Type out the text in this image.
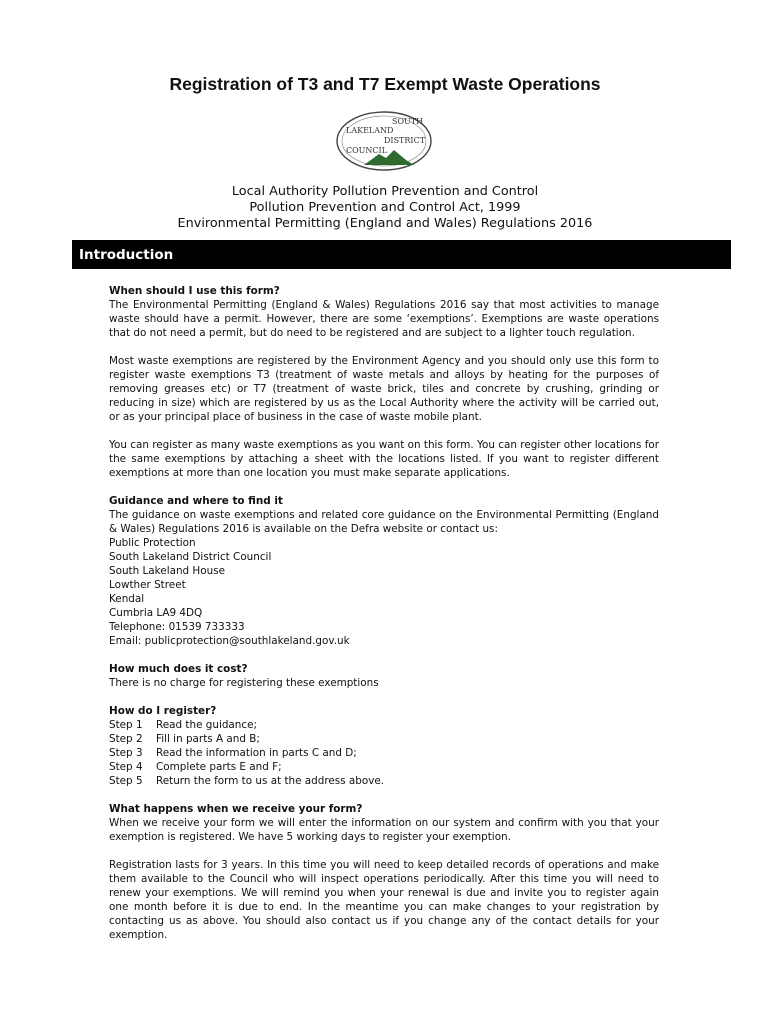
Registration of T3 and T7 Exempt Waste Operations
SOUTH
LAKELAND
DISTRICT
COUNCIL
Local Authority Pollution Prevention and Control
Pollution Prevention and Control Act, 1999
Environmental Permitting (England and Wales) Regulations 2016
Introduction
When should I use this form?

The Environmental Permitting (England & Wales) Regulations 2016 say that most activities to manage waste should have a permit. However, there are some ‘exemptions’. Exemptions are waste operations that do not need a permit, but do need to be registered and are subject to a lighter touch regulation.

Most waste exemptions are registered by the Environment Agency and you should only use this form to register waste exemptions T3 (treatment of waste metals and alloys by heating for the purposes of removing greases etc) or T7 (treatment of waste brick, tiles and concrete by crushing, grinding or reducing in size) which are registered by us as the Local Authority where the activity will be carried out, or as your principal place of business in the case of waste mobile plant.

You can register as many waste exemptions as you want on this form. You can register other locations for the same exemptions by attaching a sheet with the locations listed. If you want to register different exemptions at more than one location you must make separate applications.

Guidance and where to find it

The guidance on waste exemptions and related core guidance on the Environmental Permitting (England & Wales) Regulations 2016 is available on the Defra website or contact us:

Public Protection
South Lakeland District Council
South Lakeland House
Lowther Street
Kendal
Cumbria LA9 4DQ
Telephone: 01539 733333
Email: publicprotection@southlakeland.gov.uk
How much does it cost?

There is no charge for registering these exemptions

How do I register?
Step 1	Read the guidance;
Step 2	Fill in parts A and B;
Step 3	Read the information in parts C and D;
Step 4	Complete parts E and F;
Step 5	Return the form to us at the address above.
What happens when we receive your form?

When we receive your form we will enter the information on our system and confirm with you that your exemption is registered. We have 5 working days to register your exemption.

Registration lasts for 3 years. In this time you will need to keep detailed records of operations and make them available to the Council who will inspect operations periodically. After this time you will need to renew your exemptions. We will remind you when your renewal is due and invite you to register again one month before it is due to end. In the meantime you can make changes to your registration by contacting us as above. You should also contact us if you change any of the contact details for your exemption.
